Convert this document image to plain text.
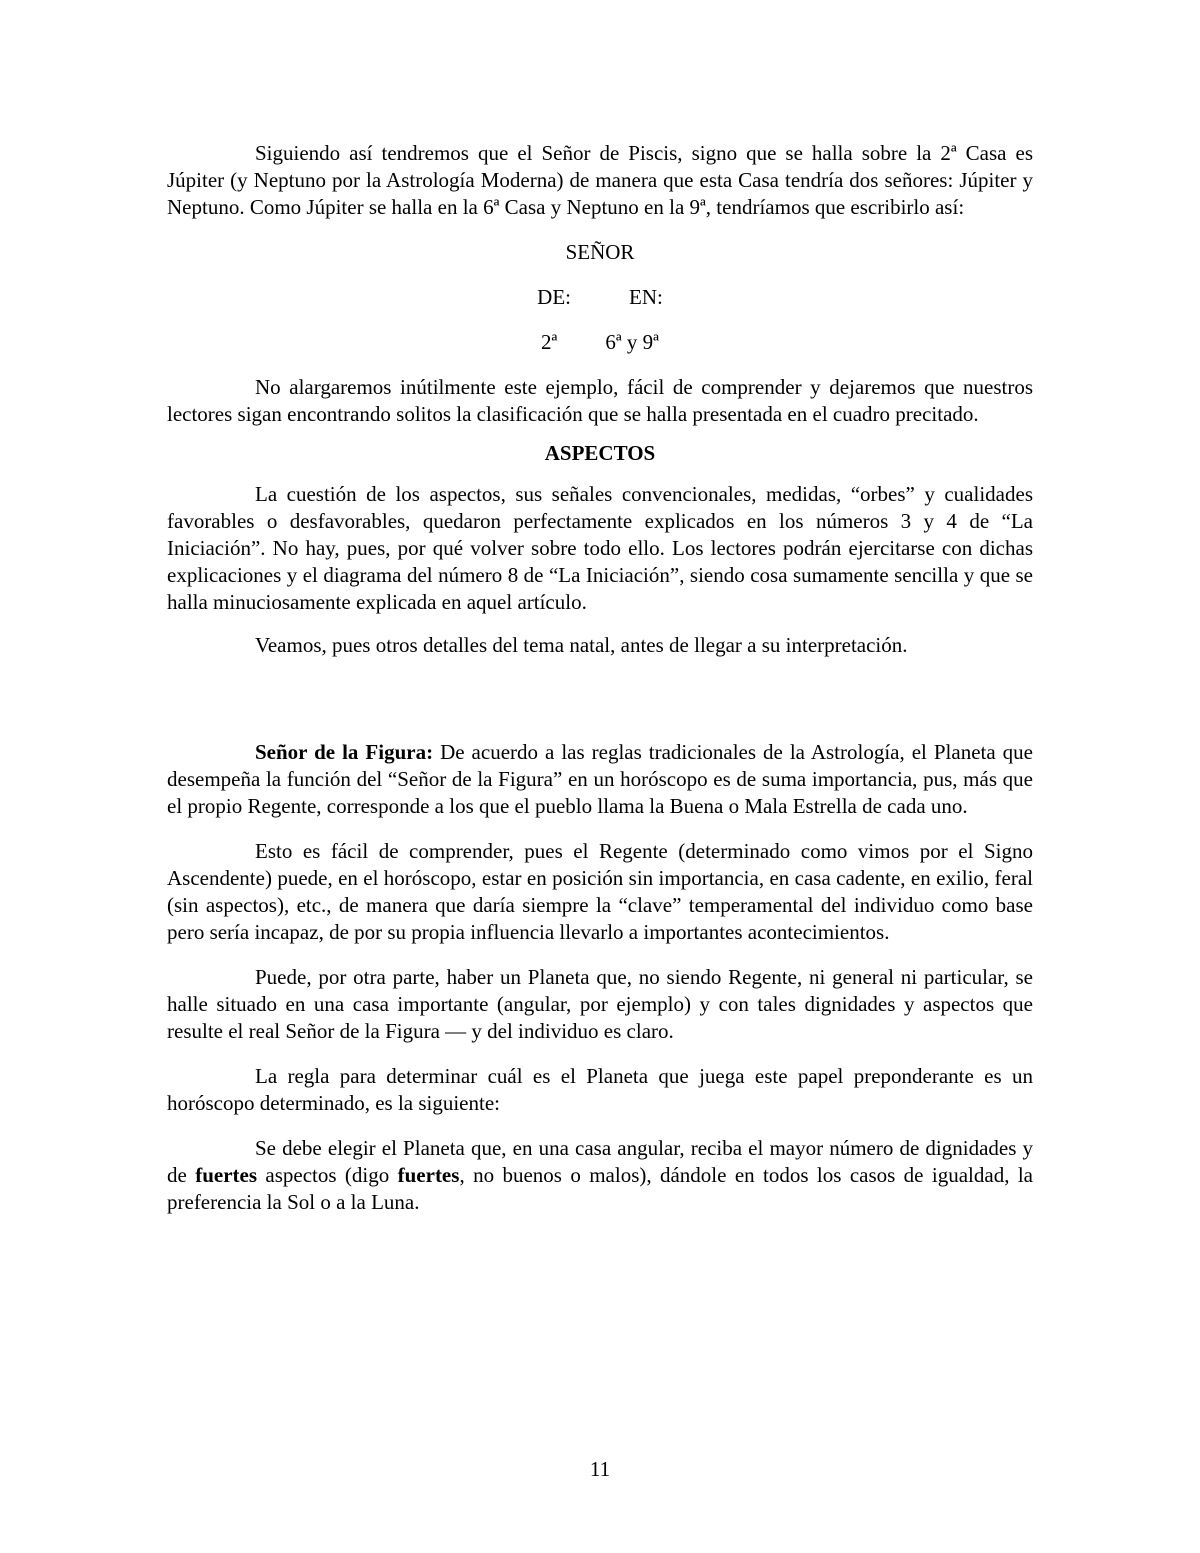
Siguiendo así tendremos que el Señor de Piscis, signo que se halla sobre la 2ª Casa es Júpiter (y Neptuno por la Astrología Moderna) de manera que esta Casa tendría dos señores: Júpiter y Neptuno. Como Júpiter se halla en la 6ª Casa y Neptuno en la 9ª, tendríamos que escribirlo así:

SEÑOR
DE:	EN:
2ª 6ª y 9ª

No alargaremos inútilmente este ejemplo, fácil de comprender y dejaremos que nuestros lectores sigan encontrando solitos la clasificación que se halla presentada en el cuadro precitado.

ASPECTOS

La cuestión de los aspectos, sus señales convencionales, medidas, “orbes” y cualidades favorables o desfavorables, quedaron perfectamente explicados en los números 3 y 4 de “La Iniciación”. No hay, pues, por qué volver sobre todo ello. Los lectores podrán ejercitarse con dichas explicaciones y el diagrama del número 8 de “La Iniciación”, siendo cosa sumamente sencilla y que se halla minuciosamente explicada en aquel artículo.

Veamos, pues otros detalles del tema natal, antes de llegar a su interpretación.

Señor de la Figura: De acuerdo a las reglas tradicionales de la Astrología, el Planeta que desempeña la función del “Señor de la Figura” en un horóscopo es de suma importancia, pus, más que el propio Regente, corresponde a los que el pueblo llama la Buena o Mala Estrella de cada uno.

Esto es fácil de comprender, pues el Regente (determinado como vimos por el Signo Ascendente) puede, en el horóscopo, estar en posición sin importancia, en casa cadente, en exilio, feral (sin aspectos), etc., de manera que daría siempre la “clave” temperamental del individuo como base pero sería incapaz, de por su propia influencia llevarlo a importantes acontecimientos.

Puede, por otra parte, haber un Planeta que, no siendo Regente, ni general ni particular, se halle situado en una casa importante (angular, por ejemplo) y con tales dignidades y aspectos que resulte el real Señor de la Figura — y del individuo es claro.

La regla para determinar cuál es el Planeta que juega este papel preponderante es un horóscopo determinado, es la siguiente:

Se debe elegir el Planeta que, en una casa angular, reciba el mayor número de dignidades y de fuertes aspectos (digo fuertes, no buenos o malos), dándole en todos los casos de igualdad, la preferencia la Sol o a la Luna.

11
